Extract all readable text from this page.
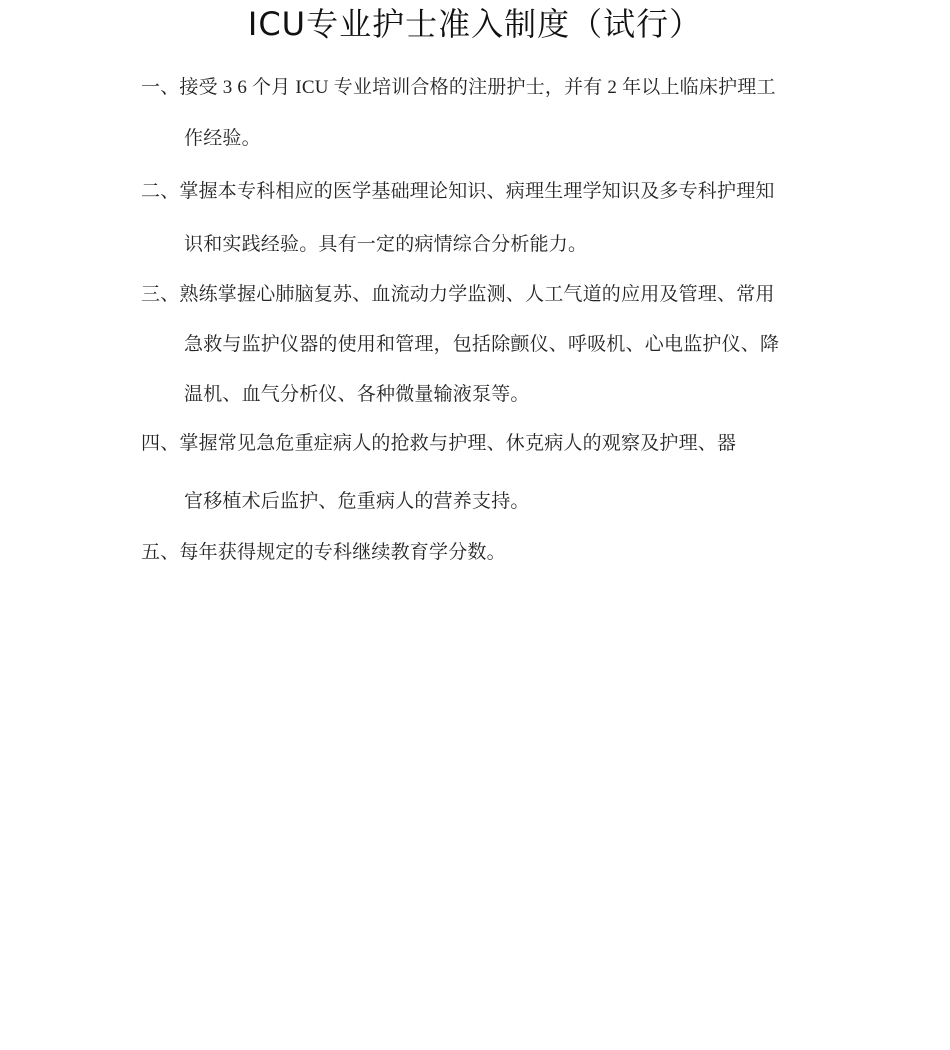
ICU专业护士准入制度（试行）
一、接受 3 6 个月 ICU 专业培训合格的注册护士，并有 2 年以上临床护理工
作经验。
二、掌握本专科相应的医学基础理论知识、病理生理学知识及多专科护理知
识和实践经验。具有一定的病情综合分析能力。
三、熟练掌握心肺脑复苏、血流动力学监测、人工气道的应用及管理、常用
急救与监护仪器的使用和管理，包括除颤仪、呼吸机、心电监护仪、降
温机、血气分析仪、各种微量输液泵等。
四、掌握常见急危重症病人的抢救与护理、休克病人的观察及护理、器
官移植术后监护、危重病人的营养支持。
五、每年获得规定的专科继续教育学分数。
